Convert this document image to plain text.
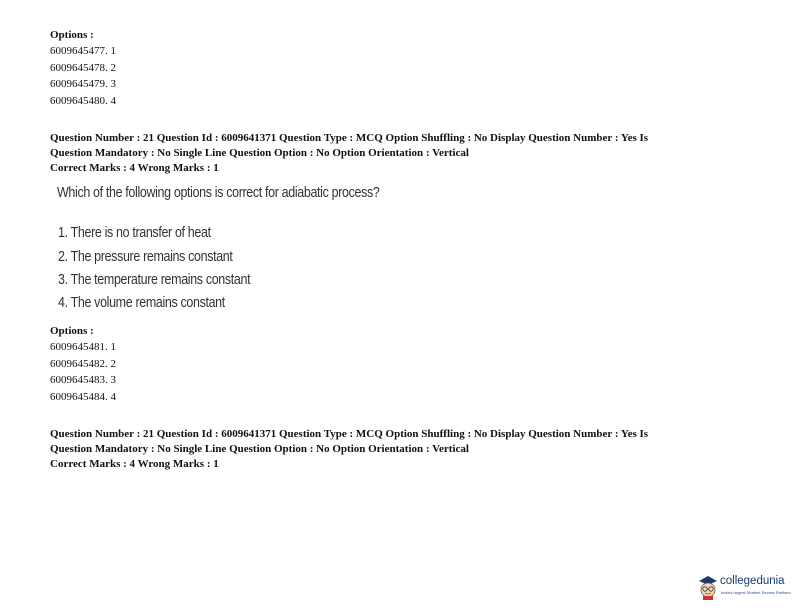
Options :
6009645477. 1
6009645478. 2
6009645479. 3
6009645480. 4
Question Number : 21 Question Id : 6009641371 Question Type : MCQ Option Shuffling : No Display Question Number : Yes Is
Question Mandatory : No Single Line Question Option : No Option Orientation : Vertical
Correct Marks : 4 Wrong Marks : 1
Which of the following options is correct for adiabatic process?
1. There is no transfer of heat
2. The pressure remains constant
3. The temperature remains constant
4. The volume remains constant
Options :
6009645481. 1
6009645482. 2
6009645483. 3
6009645484. 4
Question Number : 21 Question Id : 6009641371 Question Type : MCQ Option Shuffling : No Display Question Number : Yes Is
Question Mandatory : No Single Line Question Option : No Option Orientation : Vertical
Correct Marks : 4 Wrong Marks : 1
collegedunia
India's largest Student Review Platform
